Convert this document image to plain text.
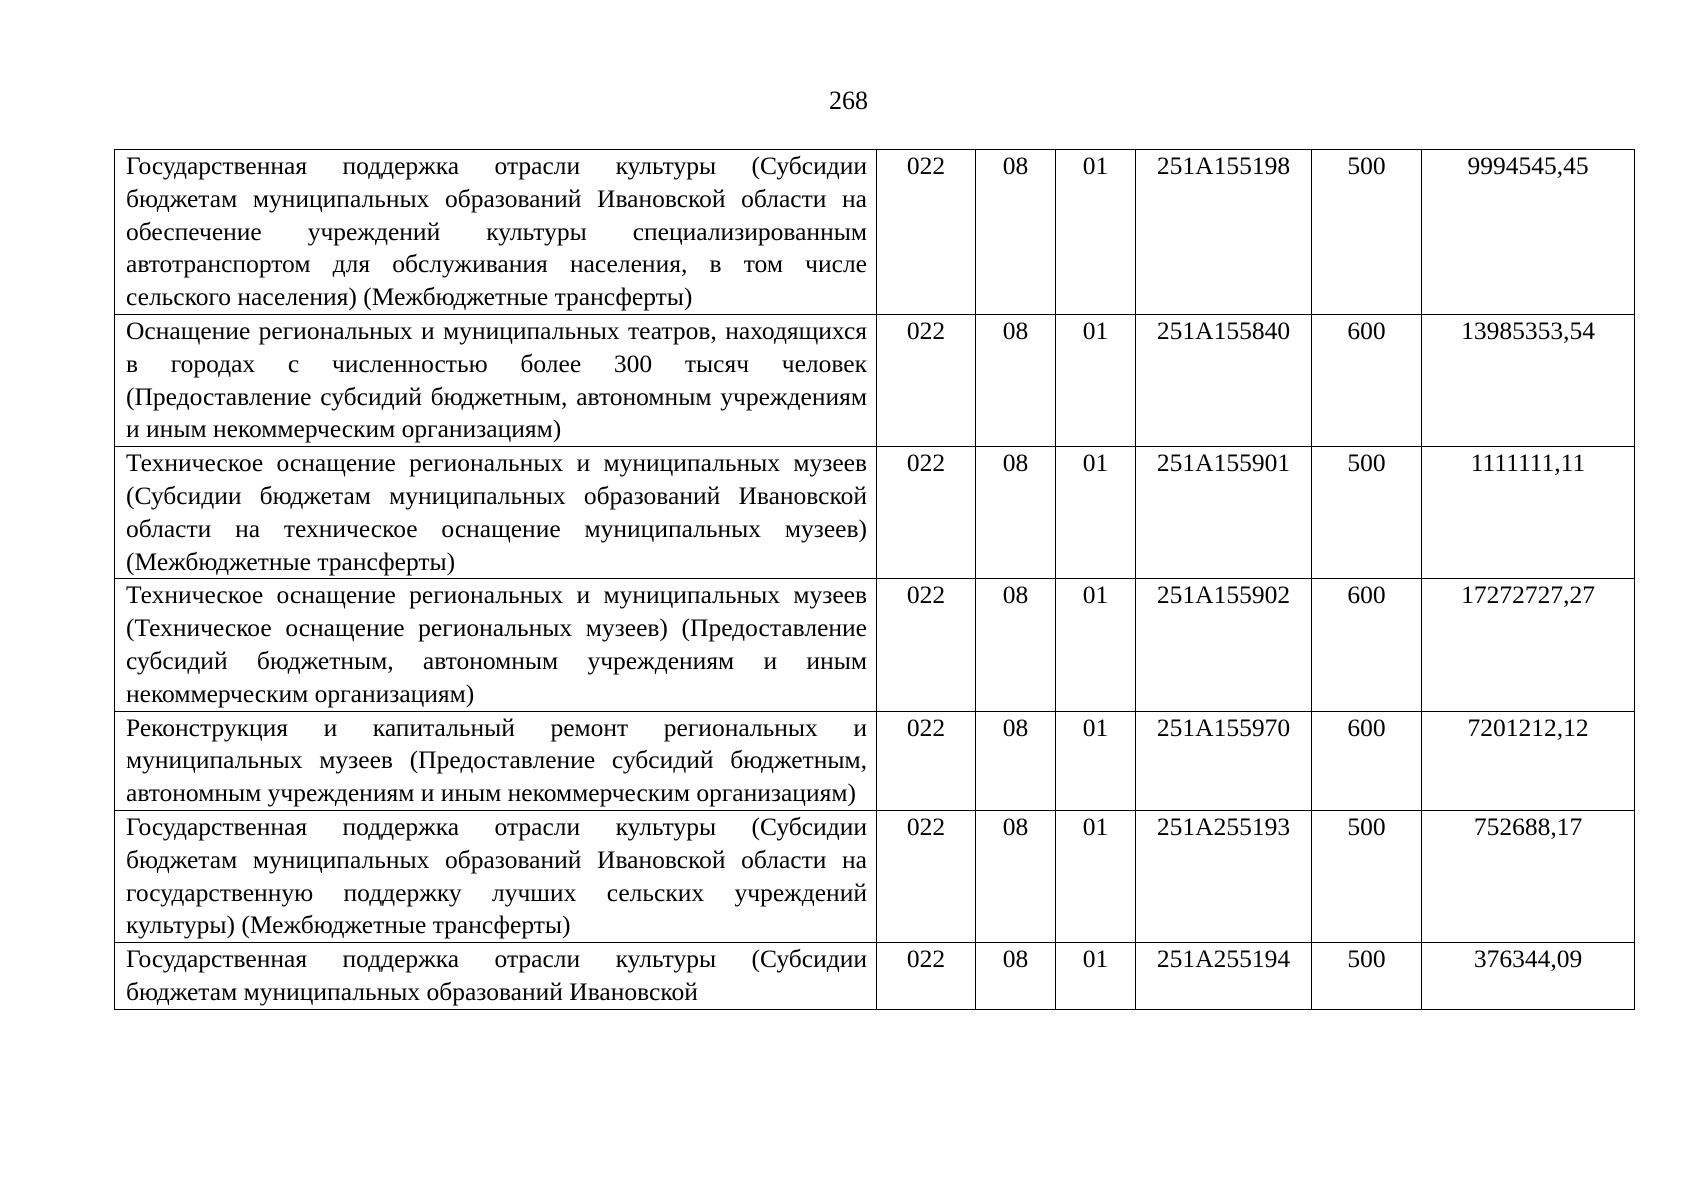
268
Государственная поддержка отрасли культуры (Субсидии бюджетам муниципальных образований Ивановской области на обеспечение учреждений культуры специализированным автотранспортом для обслуживания населения, в том числе сельского населения) (Межбюджетные трансферты)	022	08	01	251А155198	500	9994545,45
Оснащение региональных и муниципальных театров, находящихся в городах с численностью более 300 тысяч человек (Предоставление субсидий бюджетным, автономным учреждениям и иным некоммерческим организациям)	022	08	01	251А155840	600	13985353,54
Техническое оснащение региональных и муниципальных музеев (Субсидии бюджетам муниципальных образований Ивановской области на техническое оснащение муниципальных музеев) (Межбюджетные трансферты)	022	08	01	251А155901	500	1111111,11
Техническое оснащение региональных и муниципальных музеев (Техническое оснащение региональных музеев) (Предоставление субсидий бюджетным, автономным учреждениям и иным некоммерческим организациям)	022	08	01	251А155902	600	17272727,27
Реконструкция и капитальный ремонт региональных и муниципальных музеев (Предоставление субсидий бюджетным, автономным учреждениям и иным некоммерческим организациям)	022	08	01	251А155970	600	7201212,12
Государственная поддержка отрасли культуры (Субсидии бюджетам муниципальных образований Ивановской области на государственную поддержку лучших сельских учреждений культуры) (Межбюджетные трансферты)	022	08	01	251А255193	500	752688,17
Государственная поддержка отрасли культуры (Субсидии бюджетам муниципальных образований Ивановской	022	08	01	251А255194	500	376344,09
